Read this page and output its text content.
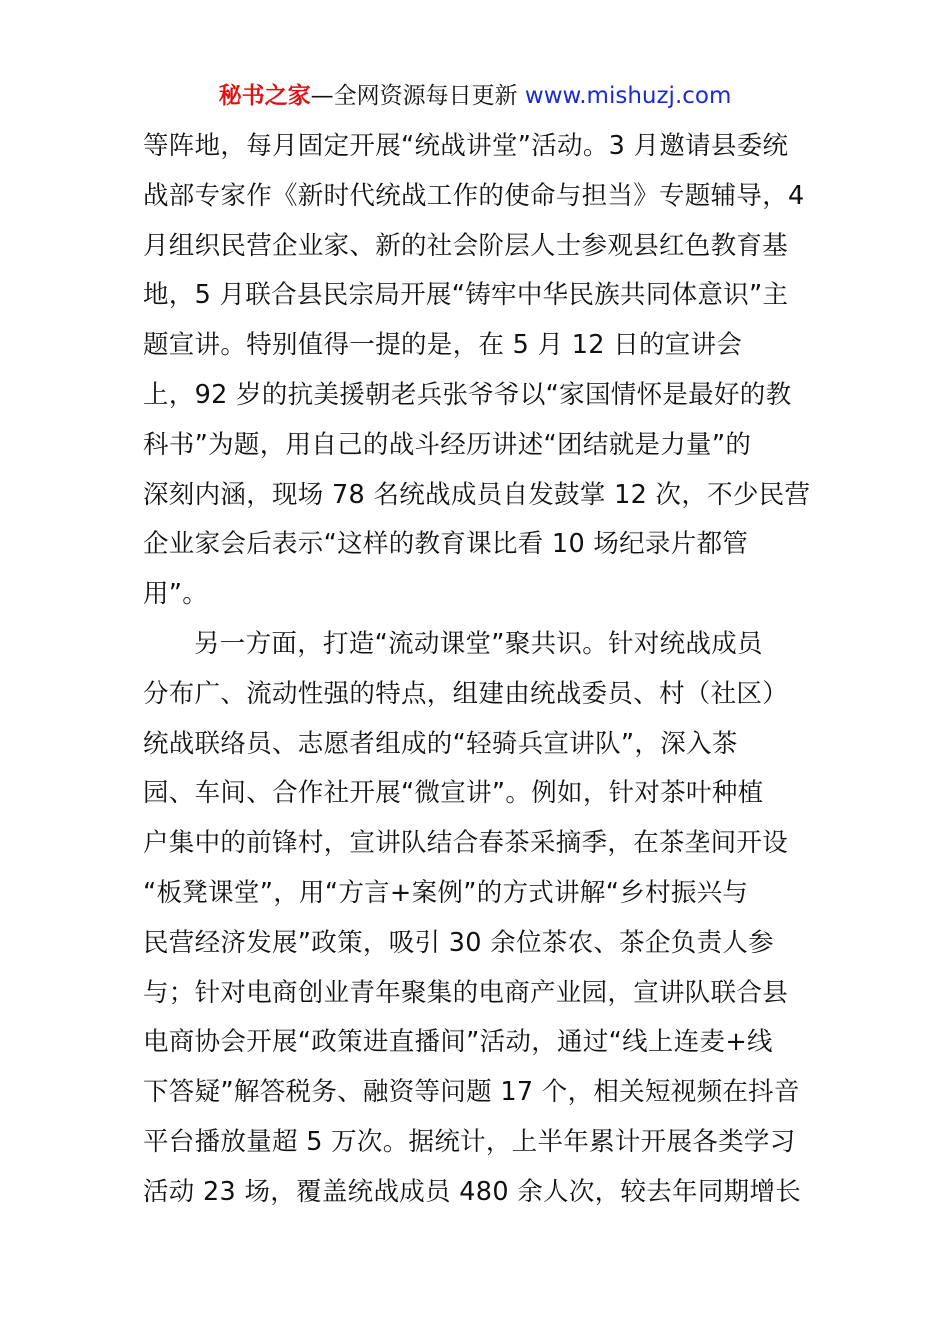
秘书之家—全网资源每日更新 www.mishuzj.com
等阵地，每月固定开展“统战讲堂”活动。3 月邀请县委统
战部专家作《新时代统战工作的使命与担当》专题辅导，4
月组织民营企业家、新的社会阶层人士参观县红色教育基
地，5 月联合县民宗局开展“铸牢中华民族共同体意识”主
题宣讲。特别值得一提的是，在 5 月 12 日的宣讲会
上，92 岁的抗美援朝老兵张爷爷以“家国情怀是最好的教
科书”为题，用自己的战斗经历讲述“团结就是力量”的
深刻内涵，现场 78 名统战成员自发鼓掌 12 次，不少民营
企业家会后表示“这样的教育课比看 10 场纪录片都管
用”。
另一方面，打造“流动课堂”聚共识。针对统战成员
分布广、流动性强的特点，组建由统战委员、村（社区）
统战联络员、志愿者组成的“轻骑兵宣讲队”，深入茶
园、车间、合作社开展“微宣讲”。例如，针对茶叶种植
户集中的前锋村，宣讲队结合春茶采摘季，在茶垄间开设
“板凳课堂”，用“方言+案例”的方式讲解“乡村振兴与
民营经济发展”政策，吸引 30 余位茶农、茶企负责人参
与；针对电商创业青年聚集的电商产业园，宣讲队联合县
电商协会开展“政策进直播间”活动，通过“线上连麦+线
下答疑”解答税务、融资等问题 17 个，相关短视频在抖音
平台播放量超 5 万次。据统计，上半年累计开展各类学习
活动 23 场，覆盖统战成员 480 余人次，较去年同期增长
